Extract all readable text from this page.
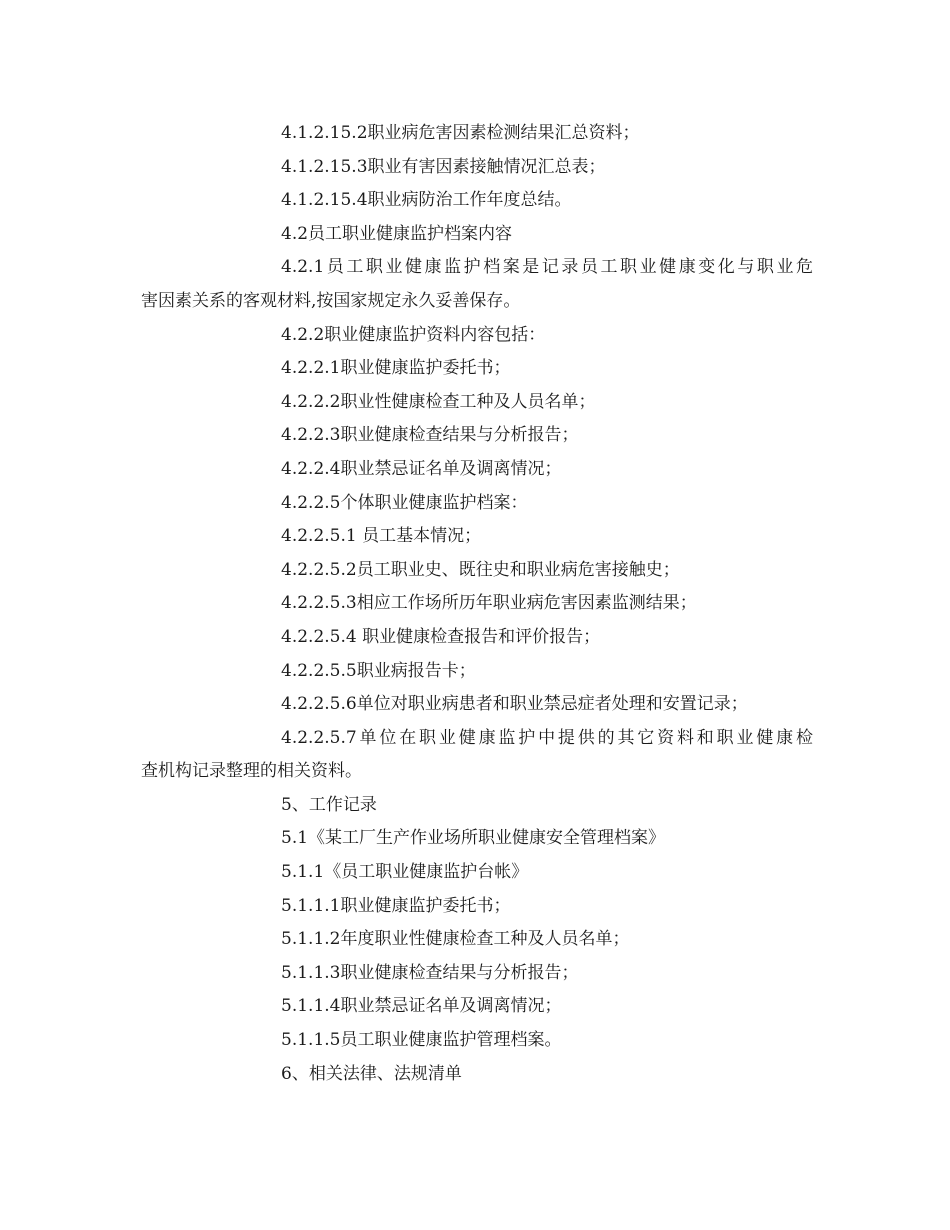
4.1.2.15.2职业病危害因素检测结果汇总资料；
4.1.2.15.3职业有害因素接触情况汇总表；
4.1.2.15.4职业病防治工作年度总结。
4.2员工职业健康监护档案内容
4.2.1员工职业健康监护档案是记录员工职业健康变化与职业危
害因素关系的客观材料,按国家规定永久妥善保存。
4.2.2职业健康监护资料内容包括：
4.2.2.1职业健康监护委托书；
4.2.2.2职业性健康检查工种及人员名单；
4.2.2.3职业健康检查结果与分析报告；
4.2.2.4职业禁忌证名单及调离情况；
4.2.2.5个体职业健康监护档案：
4.2.2.5.1 员工基本情况；
4.2.2.5.2员工职业史、既往史和职业病危害接触史；
4.2.2.5.3相应工作场所历年职业病危害因素监测结果；
4.2.2.5.4 职业健康检查报告和评价报告；
4.2.2.5.5职业病报告卡；
4.2.2.5.6单位对职业病患者和职业禁忌症者处理和安置记录；
4.2.2.5.7单位在职业健康监护中提供的其它资料和职业健康检
查机构记录整理的相关资料。
5、工作记录
5.1《某工厂生产作业场所职业健康安全管理档案》
5.1.1《员工职业健康监护台帐》
5.1.1.1职业健康监护委托书；
5.1.1.2年度职业性健康检查工种及人员名单；
5.1.1.3职业健康检查结果与分析报告；
5.1.1.4职业禁忌证名单及调离情况；
5.1.1.5员工职业健康监护管理档案。
6、相关法律、法规清单
